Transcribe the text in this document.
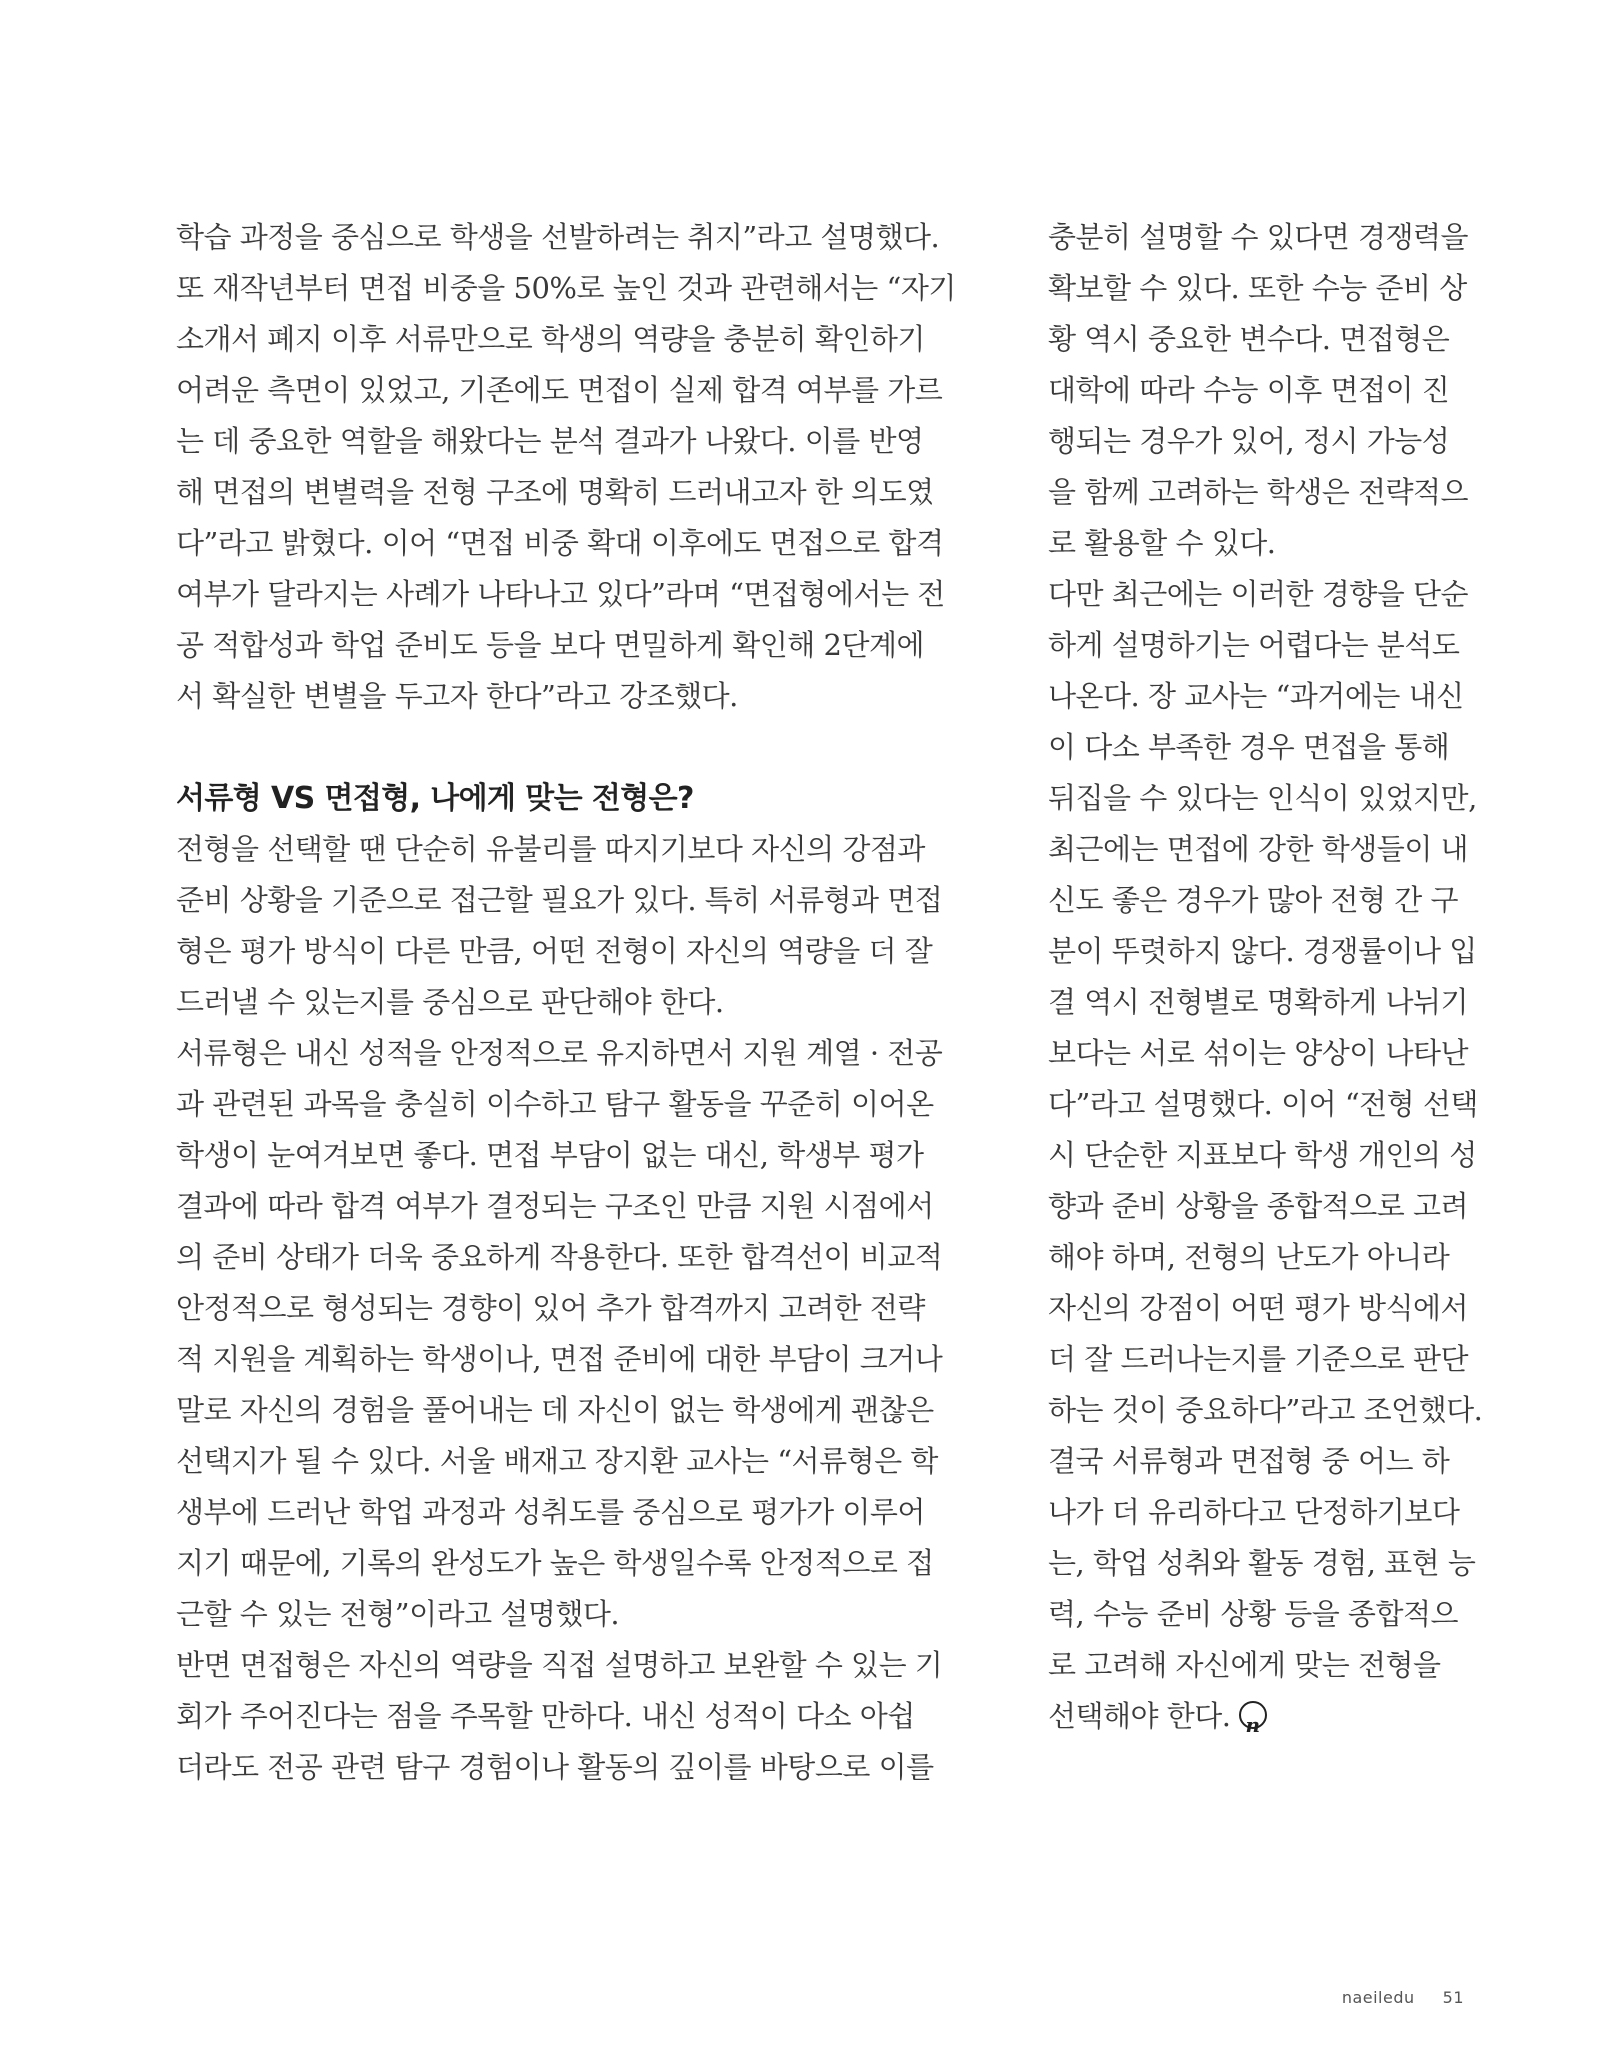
학습 과정을 중심으로 학생을 선발하려는 취지”라고 설명했다.
또 재작년부터 면접 비중을 50%로 높인 것과 관련해서는 “자기
소개서 폐지 이후 서류만으로 학생의 역량을 충분히 확인하기
어려운 측면이 있었고, 기존에도 면접이 실제 합격 여부를 가르
는 데 중요한 역할을 해왔다는 분석 결과가 나왔다. 이를 반영
해 면접의 변별력을 전형 구조에 명확히 드러내고자 한 의도였
다”라고 밝혔다. 이어 “면접 비중 확대 이후에도 면접으로 합격
여부가 달라지는 사례가 나타나고 있다”라며 “면접형에서는 전
공 적합성과 학업 준비도 등을 보다 면밀하게 확인해 2단계에
서 확실한 변별을 두고자 한다”라고 강조했다.
서류형 VS 면접형, 나에게 맞는 전형은?
전형을 선택할 땐 단순히 유불리를 따지기보다 자신의 강점과
준비 상황을 기준으로 접근할 필요가 있다. 특히 서류형과 면접
형은 평가 방식이 다른 만큼, 어떤 전형이 자신의 역량을 더 잘
드러낼 수 있는지를 중심으로 판단해야 한다.
서류형은 내신 성적을 안정적으로 유지하면서 지원 계열 · 전공
과 관련된 과목을 충실히 이수하고 탐구 활동을 꾸준히 이어온
학생이 눈여겨보면 좋다. 면접 부담이 없는 대신, 학생부 평가
결과에 따라 합격 여부가 결정되는 구조인 만큼 지원 시점에서
의 준비 상태가 더욱 중요하게 작용한다. 또한 합격선이 비교적
안정적으로 형성되는 경향이 있어 추가 합격까지 고려한 전략
적 지원을 계획하는 학생이나, 면접 준비에 대한 부담이 크거나
말로 자신의 경험을 풀어내는 데 자신이 없는 학생에게 괜찮은
선택지가 될 수 있다. 서울 배재고 장지환 교사는 “서류형은 학
생부에 드러난 학업 과정과 성취도를 중심으로 평가가 이루어
지기 때문에, 기록의 완성도가 높은 학생일수록 안정적으로 접
근할 수 있는 전형”이라고 설명했다.
반면 면접형은 자신의 역량을 직접 설명하고 보완할 수 있는 기
회가 주어진다는 점을 주목할 만하다. 내신 성적이 다소 아쉽
더라도 전공 관련 탐구 경험이나 활동의 깊이를 바탕으로 이를
충분히 설명할 수 있다면 경쟁력을
확보할 수 있다. 또한 수능 준비 상
황 역시 중요한 변수다. 면접형은
대학에 따라 수능 이후 면접이 진
행되는 경우가 있어, 정시 가능성
을 함께 고려하는 학생은 전략적으
로 활용할 수 있다.
다만 최근에는 이러한 경향을 단순
하게 설명하기는 어렵다는 분석도
나온다. 장 교사는 “과거에는 내신
이 다소 부족한 경우 면접을 통해
뒤집을 수 있다는 인식이 있었지만,
최근에는 면접에 강한 학생들이 내
신도 좋은 경우가 많아 전형 간 구
분이 뚜렷하지 않다. 경쟁률이나 입
결 역시 전형별로 명확하게 나뉘기
보다는 서로 섞이는 양상이 나타난
다”라고 설명했다. 이어 “전형 선택
시 단순한 지표보다 학생 개인의 성
향과 준비 상황을 종합적으로 고려
해야 하며, 전형의 난도가 아니라
자신의 강점이 어떤 평가 방식에서
더 잘 드러나는지를 기준으로 판단
하는 것이 중요하다”라고 조언했다.
결국 서류형과 면접형 중 어느 하
나가 더 유리하다고 단정하기보다
는, 학업 성취와 활동 경험, 표현 능
력, 수능 준비 상황 등을 종합적으
로 고려해 자신에게 맞는 전형을
선택해야 한다.n
naeiledu 51
